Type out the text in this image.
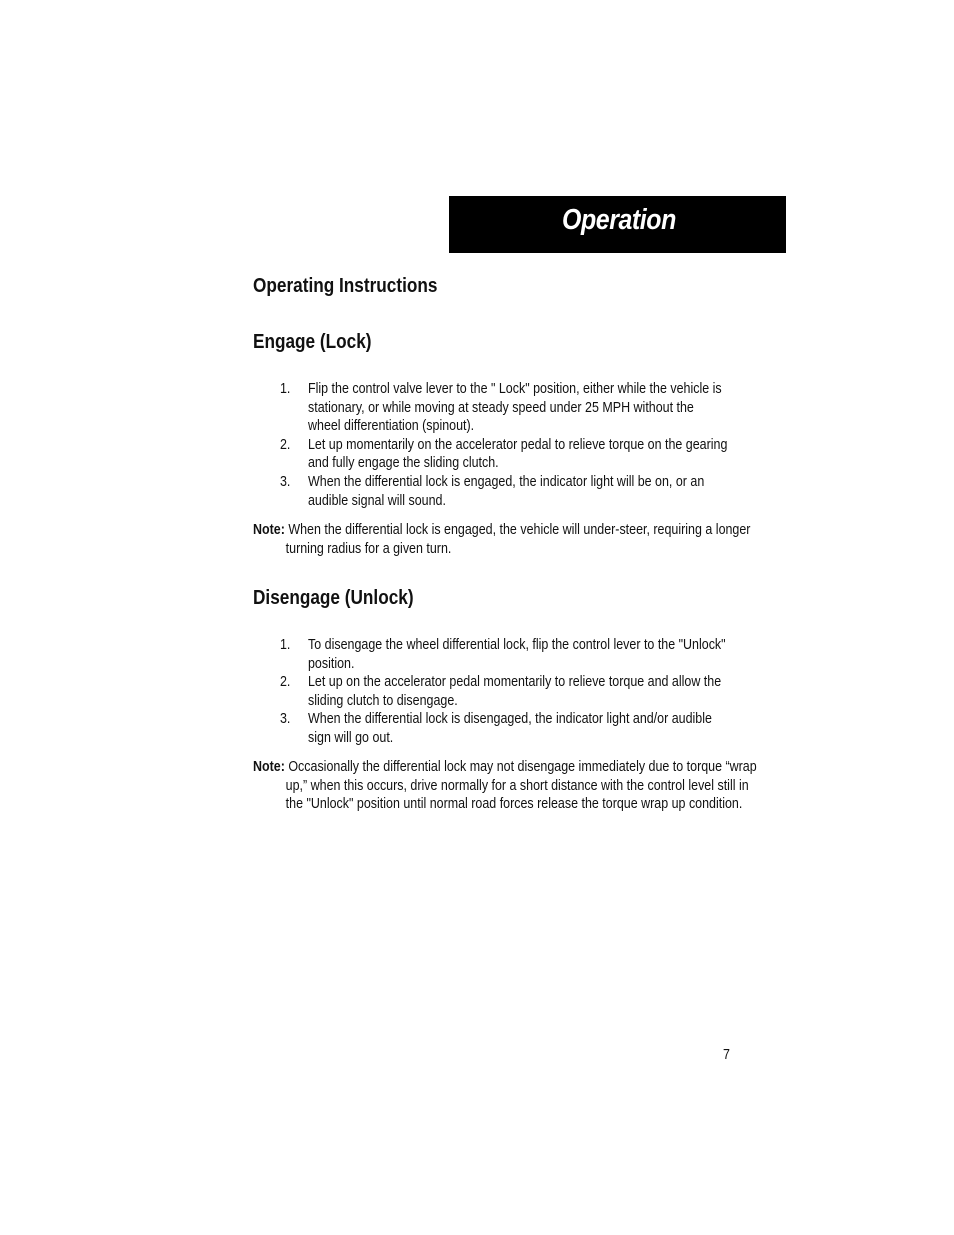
Operation
Operating Instructions
Engage (Lock)
1. Flip the control valve lever to the " Lock" position, either while the vehicle is stationary, or while moving at steady speed under 25 MPH without the wheel differentiation (spinout).
2. Let up momentarily on the accelerator pedal to relieve torque on the gearing and fully engage the sliding clutch.
3. When the differential lock is engaged, the indicator light will be on, or an audible signal will sound.

Note: When the differential lock is engaged, the vehicle will under-steer, requiring a longer turning radius for a given turn.

Disengage (Unlock)
1. To disengage the wheel differential lock, flip the control lever to the "Unlock" position.
2. Let up on the accelerator pedal momentarily to relieve torque and allow the sliding clutch to disengage.
3. When the differential lock is disengaged, the indicator light and/or audible sign will go out.

Note: Occasionally the differential lock may not disengage immediately due to torque “wrap up,” when this occurs, drive normally for a short distance with the control level still in the "Unlock" position until normal road forces release the torque wrap up condition.

7
